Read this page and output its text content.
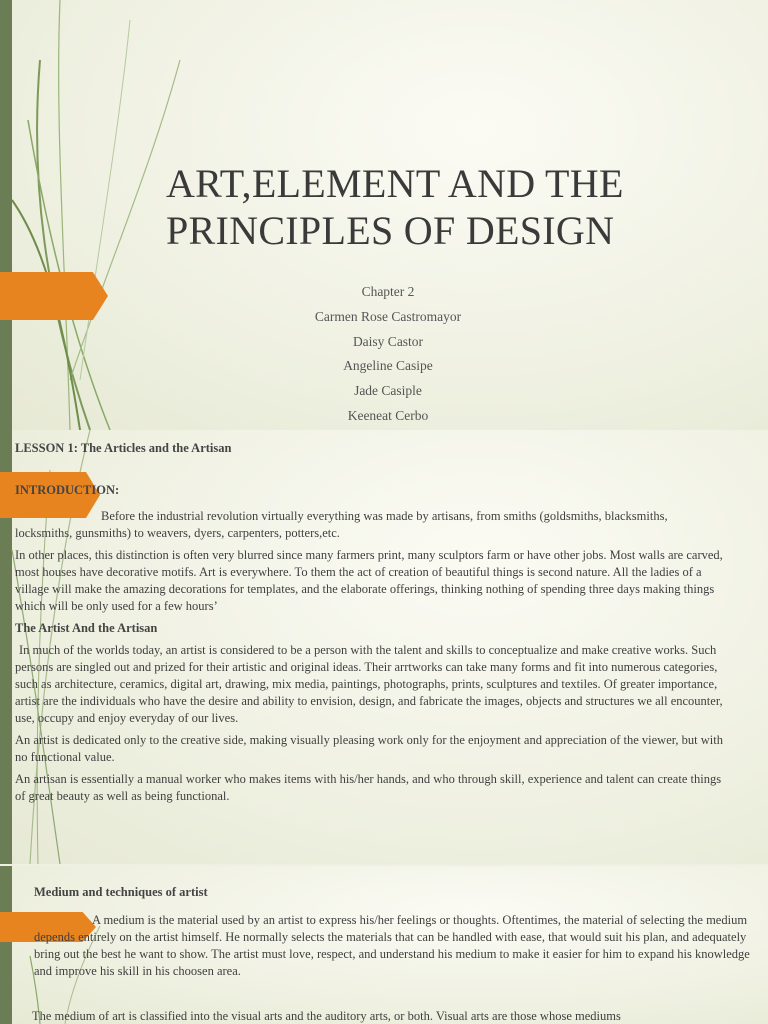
ART,ELEMENT AND THE PRINCIPLES OF DESIGN
Chapter 2
Carmen Rose Castromayor
Daisy Castor
Angeline Casipe
Jade Casiple
Keeneat Cerbo

LESSON 1: The Articles and the Artisan

INTRODUCTION:

Before the industrial revolution virtually everything was made by artisans, from smiths (goldsmiths, blacksmiths, locksmiths, gunsmiths) to weavers, dyers, carpenters, potters,etc.

In other places, this distinction is often very blurred since many farmers print, many sculptors farm or have other jobs. Most walls are carved, most houses have decorative motifs. Art is everywhere. To them the act of creation of beautiful things is second nature. All the ladies of a village will make the amazing decorations for templates, and the elaborate offerings, thinking nothing of spending three days making things which will be only used for a few hours’

The Artist And the Artisan

In much of the worlds today, an artist is considered to be a person with the talent and skills to conceptualize and make creative works. Such persons are singled out and prized for their artistic and original ideas. Their arrtworks can take many forms and fit into numerous categories, such as architecture, ceramics, digital art, drawing, mix media, paintings, photographs, prints, sculptures and textiles. Of greater importance, artist are the individuals who have the desire and ability to envision, design, and fabricate the images, objects and structures we all encounter, use, occupy and enjoy everyday of our lives.

An artist is dedicated only to the creative side, making visually pleasing work only for the enjoyment and appreciation of the viewer, but with no functional value.

An artisan is essentially a manual worker who makes items with his/her hands, and who through skill, experience and talent can create things of great beauty as well as being functional.

Medium and techniques of artist

A medium is the material used by an artist to express his/her feelings or thoughts. Oftentimes, the material of selecting the medium depends entirely on the artist himself. He normally selects the materials that can be handled with ease, that would suit his plan, and adequately bring out the best he want to show. The artist must love, respect, and understand his medium to make it easier for him to expand his knowledge and improve his skill in his choosen area.

The medium of art is classified into the visual arts and the auditory arts, or both. Visual arts are those whose mediums
